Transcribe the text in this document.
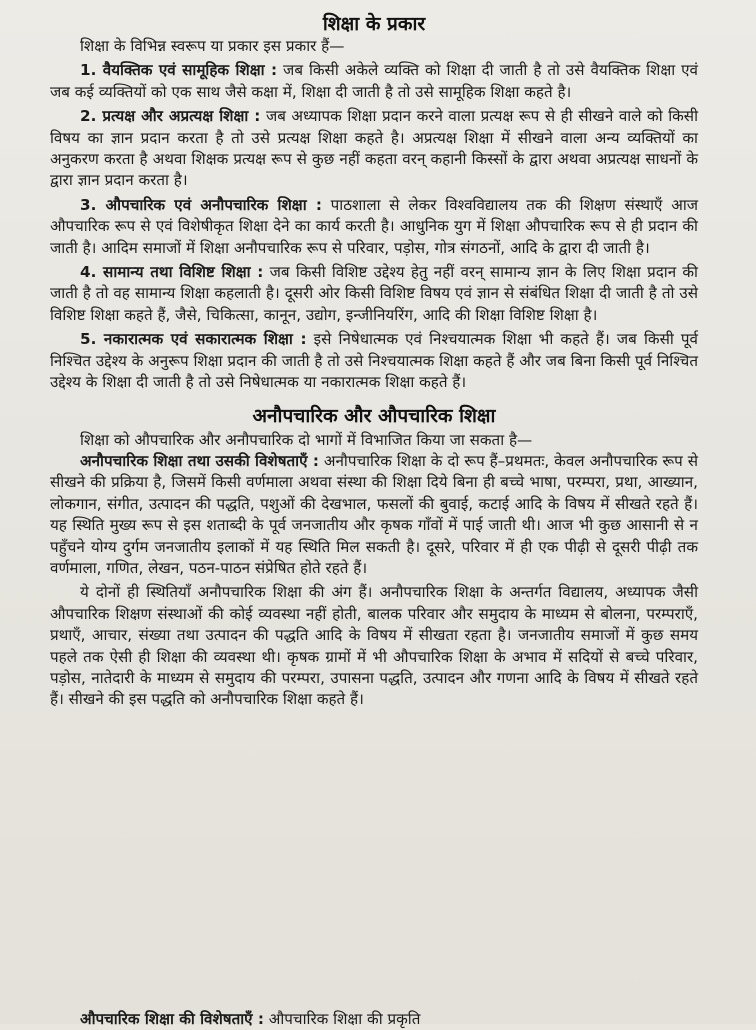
शिक्षा के प्रकार

शिक्षा के विभिन्न स्वरूप या प्रकार इस प्रकार हैं—

1. वैयक्तिक एवं सामूहिक शिक्षा : जब किसी अकेले व्यक्ति को शिक्षा दी जाती है तो उसे वैयक्तिक शिक्षा एवं जब कई व्यक्तियों को एक साथ जैसे कक्षा में, शिक्षा दी जाती है तो उसे सामूहिक शिक्षा कहते है।

2. प्रत्यक्ष और अप्रत्यक्ष शिक्षा : जब अध्यापक शिक्षा प्रदान करने वाला प्रत्यक्ष रूप से ही सीखने वाले को किसी विषय का ज्ञान प्रदान करता है तो उसे प्रत्यक्ष शिक्षा कहते है। अप्रत्यक्ष शिक्षा में सीखने वाला अन्य व्यक्तियों का अनुकरण करता है अथवा शिक्षक प्रत्यक्ष रूप से कुछ नहीं कहता वरन् कहानी किस्सों के द्वारा अथवा अप्रत्यक्ष साधनों के द्वारा ज्ञान प्रदान करता है।

3. औपचारिक एवं अनौपचारिक शिक्षा : पाठशाला से लेकर विश्वविद्यालय तक की शिक्षण संस्थाएँ आज औपचारिक रूप से एवं विशेषीकृत शिक्षा देने का कार्य करती है। आधुनिक युग में शिक्षा औपचारिक रूप से ही प्रदान की जाती है। आदिम समाजों में शिक्षा अनौपचारिक रूप से परिवार, पड़ोस, गोत्र संगठनों, आदि के द्वारा दी जाती है।

4. सामान्य तथा विशिष्ट शिक्षा : जब किसी विशिष्ट उद्देश्य हेतु नहीं वरन् सामान्य ज्ञान के लिए शिक्षा प्रदान की जाती है तो वह सामान्य शिक्षा कहलाती है। दूसरी ओर किसी विशिष्ट विषय एवं ज्ञान से संबंधित शिक्षा दी जाती है तो उसे विशिष्ट शिक्षा कहते हैं, जैसे, चिकित्सा, कानून, उद्योग, इन्जीनियरिंग, आदि की शिक्षा विशिष्ट शिक्षा है।

5. नकारात्मक एवं सकारात्मक शिक्षा : इसे निषेधात्मक एवं निश्चयात्मक शिक्षा भी कहते हैं। जब किसी पूर्व निश्चित उद्देश्य के अनुरूप शिक्षा प्रदान की जाती है तो उसे निश्चयात्मक शिक्षा कहते हैं और जब बिना किसी पूर्व निश्चित उद्देश्य के शिक्षा दी जाती है तो उसे निषेधात्मक या नकारात्मक शिक्षा कहते हैं।

अनौपचारिक और औपचारिक शिक्षा

शिक्षा को औपचारिक और अनौपचारिक दो भागों में विभाजित किया जा सकता है—

अनौपचारिक शिक्षा तथा उसकी विशेषताएँ : अनौपचारिक शिक्षा के दो रूप हैं–प्रथमतः, केवल अनौपचारिक रूप से सीखने की प्रक्रिया है, जिसमें किसी वर्णमाला अथवा संस्था की शिक्षा दिये बिना ही बच्चे भाषा, परम्परा, प्रथा, आख्यान, लोकगान, संगीत, उत्पादन की पद्धति, पशुओं की देखभाल, फसलों की बुवाई, कटाई आदि के विषय में सीखते रहते हैं। यह स्थिति मुख्य रूप से इस शताब्दी के पूर्व जनजातीय और कृषक गाँवों में पाई जाती थी। आज भी कुछ आसानी से न पहुँचने योग्य दुर्गम जनजातीय इलाकों में यह स्थिति मिल सकती है। दूसरे, परिवार में ही एक पीढ़ी से दूसरी पीढ़ी तक वर्णमाला, गणित, लेखन, पठन-पाठन संप्रेषित होते रहते हैं।

ये दोनों ही स्थितियाँ अनौपचारिक शिक्षा की अंग हैं। अनौपचारिक शिक्षा के अन्तर्गत विद्यालय, अध्यापक जैसी औपचारिक शिक्षण संस्थाओं की कोई व्यवस्था नहीं होती, बालक परिवार और समुदाय के माध्यम से बोलना, परम्पराएँ, प्रथाएँ, आचार, संख्या तथा उत्पादन की पद्धति आदि के विषय में सीखता रहता है। जनजातीय समाजों में कुछ समय पहले तक ऐसी ही शिक्षा की व्यवस्था थी। कृषक ग्रामों में भी औपचारिक शिक्षा के अभाव में सदियों से बच्चे परिवार, पड़ोस, नातेदारी के माध्यम से समुदाय की परम्परा, उपासना पद्धति, उत्पादन और गणना आदि के विषय में सीखते रहते हैं। सीखने की इस पद्धति को अनौपचारिक शिक्षा कहते हैं।

औपचारिक शिक्षा की विशेषताएँ : औपचारिक शिक्षा की प्रकृति
